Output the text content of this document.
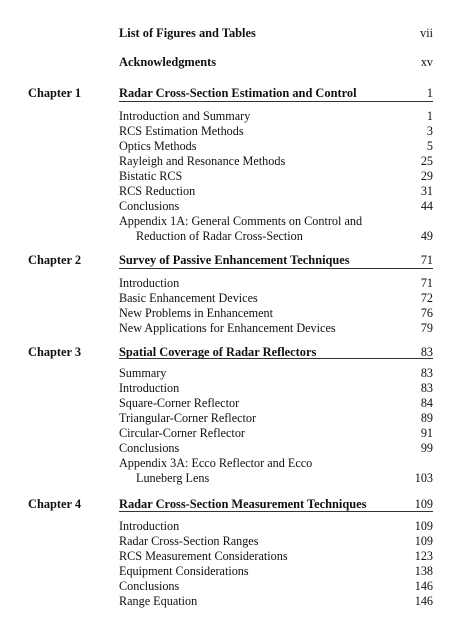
List of Figures and Tables	vii
Acknowledgments	xv
Chapter 1	Radar Cross-Section Estimation and Control	1
Introduction and Summary	1
RCS Estimation Methods	3
Optics Methods	5
Rayleigh and Resonance Methods	25
Bistatic RCS	29
RCS Reduction	31
Conclusions	44
Appendix 1A: General Comments on Control and
Reduction of Radar Cross-Section	49
Chapter 2	Survey of Passive Enhancement Techniques	71
Introduction	71
Basic Enhancement Devices	72
New Problems in Enhancement	76
New Applications for Enhancement Devices	79
Chapter 3	Spatial Coverage of Radar Reflectors	83
Summary	83
Introduction	83
Square-Corner Reflector	84
Triangular-Corner Reflector	89
Circular-Corner Reflector	91
Conclusions	99
Appendix 3A: Ecco Reflector and Ecco
Luneberg Lens	103
Chapter 4	Radar Cross-Section Measurement Techniques	109
Introduction	109
Radar Cross-Section Ranges	109
RCS Measurement Considerations	123
Equipment Considerations	138
Conclusions	146
Range Equation	146
